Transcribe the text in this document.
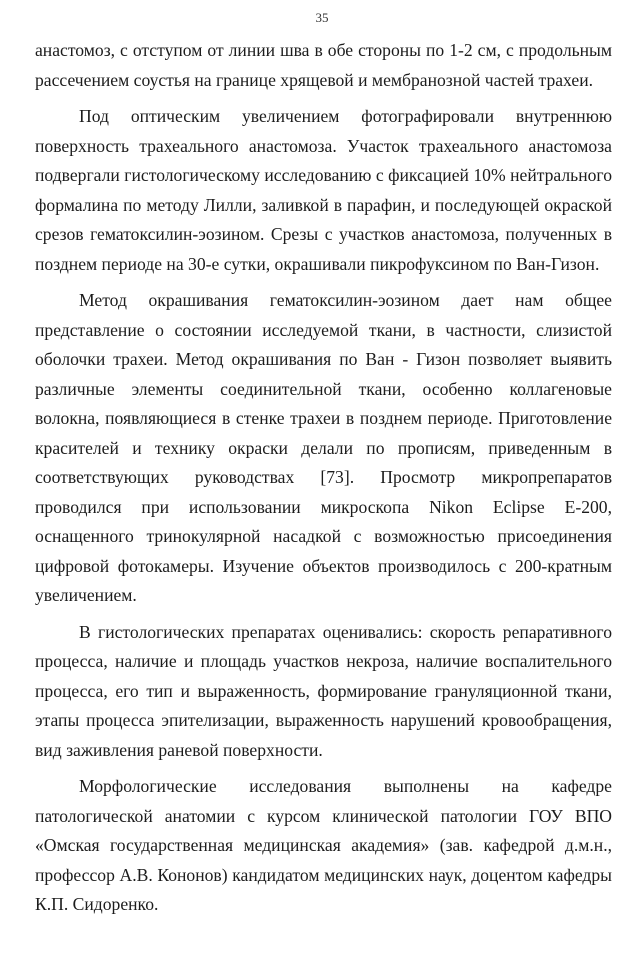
35

анастомоз, с отступом от линии шва в обе стороны по 1-2 см, с продольным рассечением соустья на границе хрящевой и мембранозной частей трахеи.

Под оптическим увеличением фотографировали внутреннюю поверхность трахеального анастомоза. Участок трахеального анастомоза подвергали гистологическому исследованию с фиксацией 10% нейтрального формалина по методу Лилли, заливкой в парафин, и последующей окраской срезов гематоксилин-эозином. Срезы с участков анастомоза, полученных в позднем периоде на 30-е сутки, окрашивали пикрофуксином по Ван-Гизон.

Метод окрашивания гематоксилин-эозином дает нам общее представление о состоянии исследуемой ткани, в частности, слизистой оболочки трахеи. Метод окрашивания по Ван - Гизон позволяет выявить различные элементы соединительной ткани, особенно коллагеновые волокна, появляющиеся в стенке трахеи в позднем периоде. Приготовление красителей и технику окраски делали по прописям, приведенным в соответствующих руководствах [73]. Просмотр микропрепаратов проводился при использовании микроскопа Nikon Eclipse E-200, оснащенного тринокулярной насадкой с возможностью присоединения цифровой фотокамеры. Изучение объектов производилось с 200-кратным увеличением.

В гистологических препаратах оценивались: скорость репаративного процесса, наличие и площадь участков некроза, наличие воспалительного процесса, его тип и выраженность, формирование грануляционной ткани, этапы процесса эпителизации, выраженность нарушений кровообращения, вид заживления раневой поверхности.

Морфологические исследования выполнены на кафедре патологической анатомии с курсом клинической патологии ГОУ ВПО «Омская государственная медицинская академия» (зав. кафедрой д.м.н., профессор А.В. Кононов) кандидатом медицинских наук, доцентом кафедры К.П. Сидоренко.
